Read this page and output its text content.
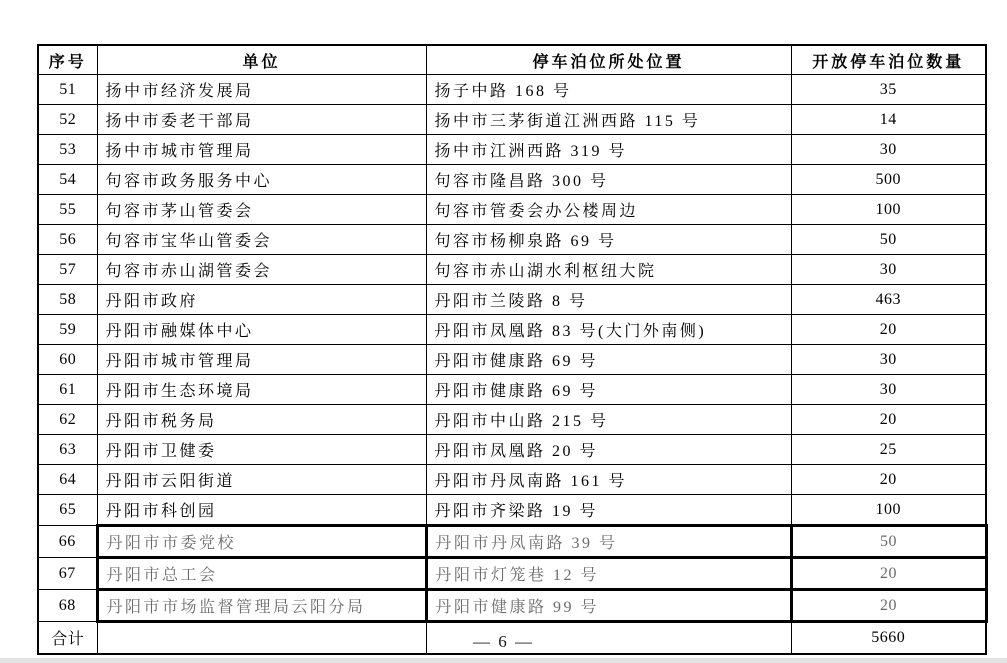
序号	单位	停车泊位所处位置	开放停车泊位数量
51	扬中市经济发展局	扬子中路 168 号	35
52	扬中市委老干部局	扬中市三茅街道江洲西路 115 号	14
53	扬中市城市管理局	扬中市江洲西路 319 号	30
54	句容市政务服务中心	句容市隆昌路 300 号	500
55	句容市茅山管委会	句容市管委会办公楼周边	100
56	句容市宝华山管委会	句容市杨柳泉路 69 号	50
57	句容市赤山湖管委会	句容市赤山湖水利枢纽大院	30
58	丹阳市政府	丹阳市兰陵路 8 号	463
59	丹阳市融媒体中心	丹阳市凤凰路 83 号(大门外南侧)	20
60	丹阳市城市管理局	丹阳市健康路 69 号	30
61	丹阳市生态环境局	丹阳市健康路 69 号	30
62	丹阳市税务局	丹阳市中山路 215 号	20
63	丹阳市卫健委	丹阳市凤凰路 20 号	25
64	丹阳市云阳街道	丹阳市丹凤南路 161 号	20
65	丹阳市科创园	丹阳市齐梁路 19 号	100
66	丹阳市市委党校	丹阳市丹凤南路 39 号	50
67	丹阳市总工会	丹阳市灯笼巷 12 号	20
68	丹阳市市场监督管理局云阳分局	丹阳市健康路 99 号	20
合计			5660
— 6 —
